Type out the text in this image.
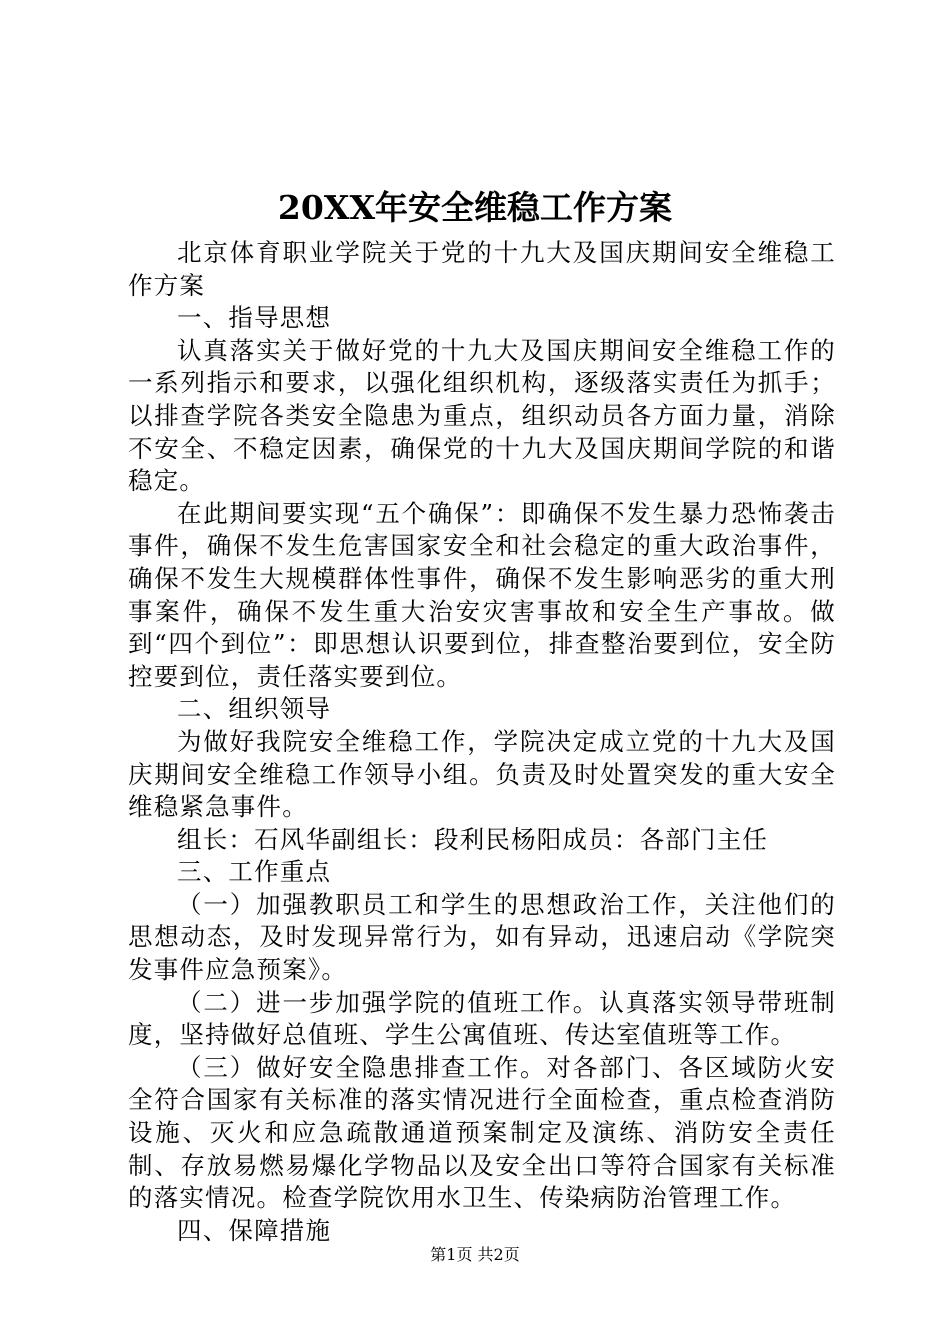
20XX年安全维稳工作方案

北京体育职业学院关于党的十九大及国庆期间安全维稳工作方案

一、指导思想

认真落实关于做好党的十九大及国庆期间安全维稳工作的一系列指示和要求，以强化组织机构，逐级落实责任为抓手；以排查学院各类安全隐患为重点，组织动员各方面力量，消除不安全、不稳定因素，确保党的十九大及国庆期间学院的和谐稳定。

在此期间要实现“五个确保”：即确保不发生暴力恐怖袭击事件，确保不发生危害国家安全和社会稳定的重大政治事件，确保不发生大规模群体性事件，确保不发生影响恶劣的重大刑事案件，确保不发生重大治安灾害事故和安全生产事故。做到“四个到位”：即思想认识要到位，排查整治要到位，安全防控要到位，责任落实要到位。

二、组织领导

为做好我院安全维稳工作，学院决定成立党的十九大及国庆期间安全维稳工作领导小组。负责及时处置突发的重大安全维稳紧急事件。

组长：石风华副组长：段利民杨阳成员：各部门主任

三、工作重点

（一）加强教职员工和学生的思想政治工作，关注他们的思想动态，及时发现异常行为，如有异动，迅速启动《学院突发事件应急预案》。

（二）进一步加强学院的值班工作。认真落实领导带班制度，坚持做好总值班、学生公寓值班、传达室值班等工作。

（三）做好安全隐患排查工作。对各部门、各区域防火安全符合国家有关标准的落实情况进行全面检查，重点检查消防设施、灭火和应急疏散通道预案制定及演练、消防安全责任制、存放易燃易爆化学物品以及安全出口等符合国家有关标准的落实情况。检查学院饮用水卫生、传染病防治管理工作。

四、保障措施

第1页 共2页
